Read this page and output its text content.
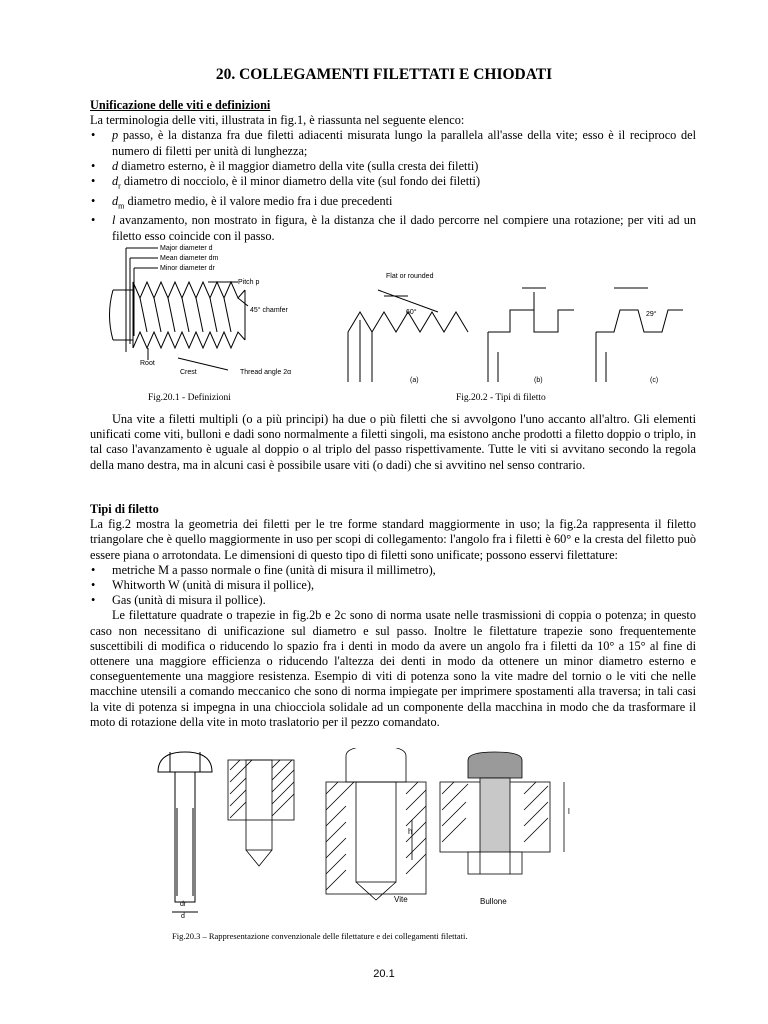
20. COLLEGAMENTI FILETTATI E CHIODATI

Unificazione delle viti e definizioni

La terminologia delle viti, illustrata in fig.1, è riassunta nel seguente elenco:

• p passo, è la distanza fra due filetti adiacenti misurata lungo la parallela all'asse della vite; esso è il reciproco del numero di filetti per unità di lunghezza;
• d diametro esterno, è il maggior diametro della vite (sulla cresta dei filetti)
• $d_r$ diametro di nocciolo, è il minor diametro della vite (sul fondo dei filetti)
• $d_m$ diametro medio, è il valore medio fra i due precedenti
• l avanzamento, non mostrato in figura, è la distanza che il dado percorre nel compiere una rotazione; per viti ad un filetto esso coincide con il passo.
Major diameter d
Mean diameter dm
Minor diameter dr
Pitch p
45° chamfer
Root
Crest	Thread angle 2α
Flat or rounded
60°	29°
(a)	(b)	(c)
Fig.20.1 - Definizioni	Fig.20.2 - Tipi di filetto

Una vite a filetti multipli (o a più principi) ha due o più filetti che si avvolgono l'uno accanto all'altro. Gli elementi unificati come viti, bulloni e dadi sono normalmente a filetti singoli, ma esistono anche prodotti a filetto doppio o triplo, in tal caso l'avanzamento è uguale al doppio o al triplo del passo rispettivamente. Tutte le viti si avvitano secondo la regola della mano destra, ma in alcuni casi è possibile usare viti (o dadi) che si avvitino nel senso contrario.

Tipi di filetto

La fig.2 mostra la geometria dei filetti per le tre forme standard maggiormente in uso; la fig.2a rappresenta il filetto triangolare che è quello maggiormente in uso per scopi di collegamento: l'angolo fra i filetti è 60° e la cresta del filetto può essere piana o arrotondata. Le dimensioni di questo tipo di filetti sono unificate; possono esservi filettature:

• metriche M a passo normale o fine (unità di misura il millimetro),
• Whitworth W (unità di misura il pollice),
• Gas (unità di misura il pollice).

Le filettature quadrate o trapezie in fig.2b e 2c sono di norma usate nelle trasmissioni di coppia o potenza; in questo caso non necessitano di unificazione sul diametro e sul passo. Inoltre le filettature trapezie sono frequentemente suscettibili di modifica o riducendo lo spazio fra i denti in modo da avere un angolo fra i filetti da 10° a 15° al fine di ottenere una maggiore efficienza o riducendo l'altezza dei denti in modo da ottenere un minor diametro esterno e conseguentemente una maggiore resistenza. Esempio di viti di potenza sono la vite madre del tornio o le viti che nelle macchine utensili a comando meccanico che sono di norma impiegate per imprimere spostamenti alla traversa; in tali casi la vite di potenza si impegna in una chiocciola solidale ad un componente della macchina in modo che da trasformare il moto di rotazione della vite in moto traslatorio per il pezzo comandato.

h
l
dr
d
Vite	Bullone
Fig.20.3 – Rappresentazione convenzionale delle filettature e dei collegamenti filettati.
20.1
